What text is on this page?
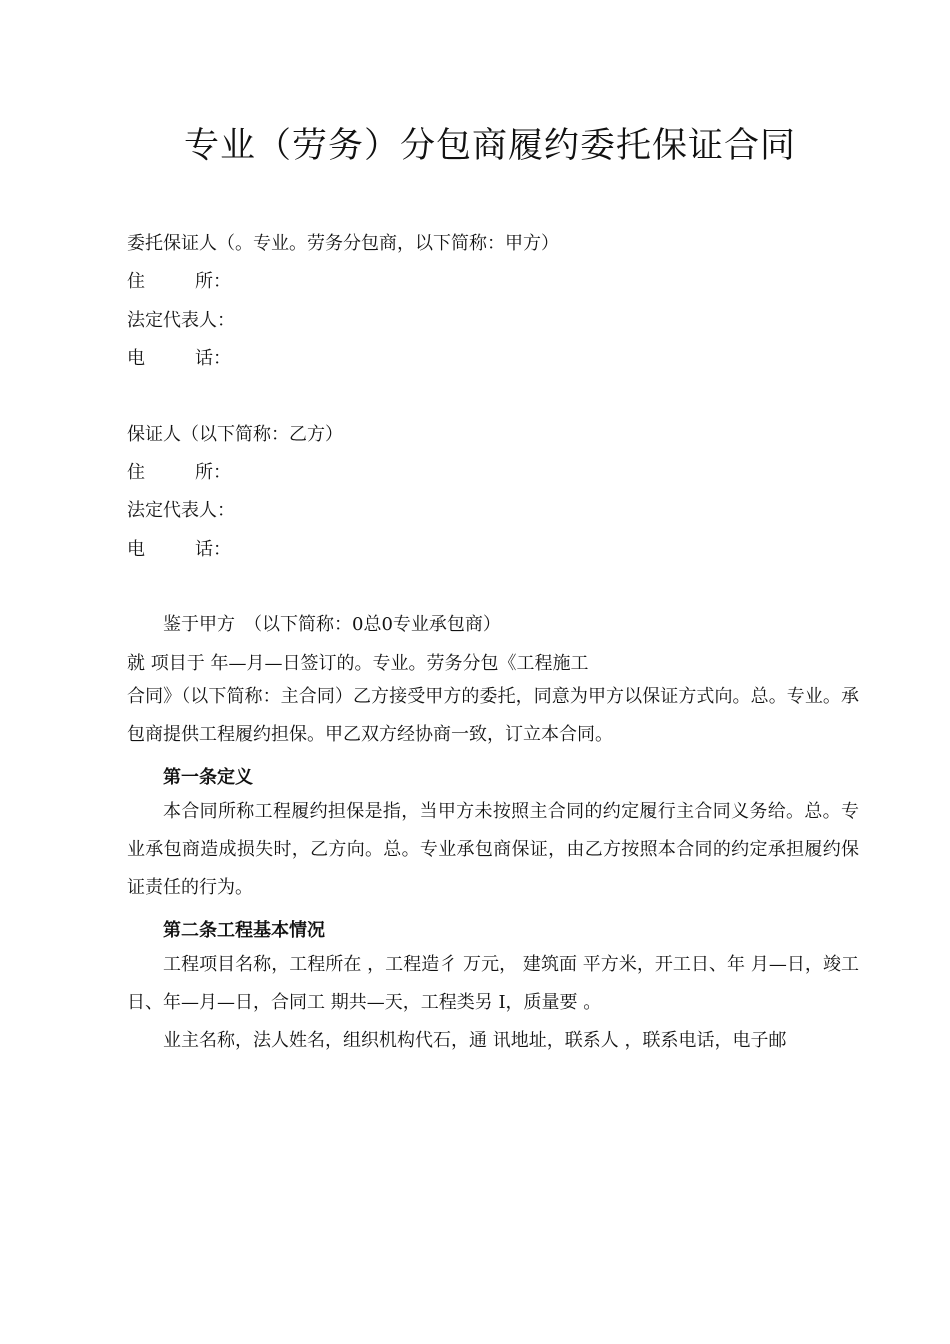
专业（劳务）分包商履约委托保证合同
委托保证人（。专业。劳务分包商，以下简称：甲方）
住	所：
法定代表人：
电	话：
保证人（以下简称：乙方）
住	所：
法定代表人：
电	话：
鉴于甲方　（以下简称：0总0专业承包商）
就 项目于 年—月—日签订的。专业。劳务分包《工程施工
合同》（以下简称：主合同）乙方接受甲方的委托，同意为甲方以保证方式向。总。专业。承包商提供工程履约担保。甲乙双方经协商一致，订立本合同。
第一条定义
本合同所称工程履约担保是指，当甲方未按照主合同的约定履行主合同义务给。总。专业承包商造成损失时，乙方向。总。专业承包商保证，由乙方按照本合同的约定承担履约保证责任的行为。
第二条工程基本情况
工程项目名称，工程所在 ，工程造彳 万元， 建筑面 平方米，开工日、年 月—日，竣工日、年—月—日，合同工 期共—天，工程类另 I，质量要 。
业主名称，法人姓名，组织机构代石，通 讯地址，联系人 ，联系电话，电子邮
